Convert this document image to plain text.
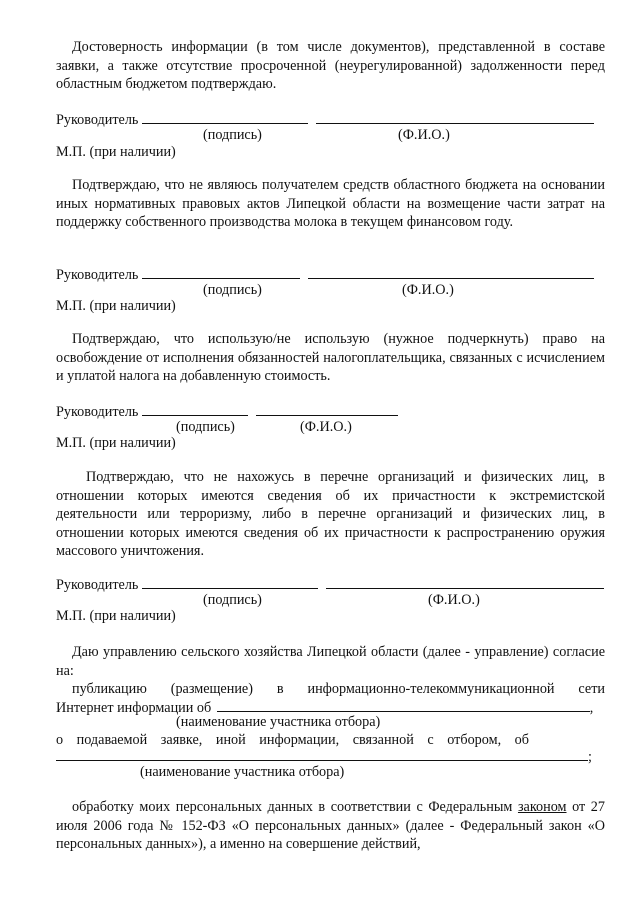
Достоверность информации (в том числе документов), представленной в составе заявки, а также отсутствие просроченной (неурегулированной) задолженности перед областным бюджетом подтверждаю.

Руководитель
(подпись)	(Ф.И.О.)
М.П. (при наличии)

Подтверждаю, что не являюсь получателем средств областного бюджета на основании иных нормативных правовых актов Липецкой области на возмещение части затрат на поддержку собственного производства молока в текущем финансовом году.

Руководитель
(подпись)	(Ф.И.О.)
М.П. (при наличии)

Подтверждаю, что использую/не использую (нужное подчеркнуть) право на освобождение от исполнения обязанностей налогоплательщика, связанных с исчислением и уплатой налога на добавленную стоимость.

Руководитель
(подпись)	(Ф.И.О.)
М.П. (при наличии)

Подтверждаю, что не нахожусь в перечне организаций и физических лиц, в отношении которых имеются сведения об их причастности к экстремистской деятельности или терроризму, либо в перечне организаций и физических лиц, в отношении которых имеются сведения об их причастности к распространению оружия массового уничтожения.

Руководитель
(подпись)	(Ф.И.О.)
М.П. (при наличии)

Даю управлению сельского хозяйства Липецкой области (далее - управление) согласие на:

публикацию (размещение) в информационно-телекоммуникационной сети

Интернет информации об	,
(наименование участника отбора)

о подаваемой заявке, иной информации, связанной с отбором, об

;
(наименование участника отбора)

обработку моих персональных данных в соответствии с Федеральным законом от 27 июля 2006 года № 152-ФЗ «О персональных данных» (далее - Федеральный закон «О персональных данных»), а именно на совершение действий,
